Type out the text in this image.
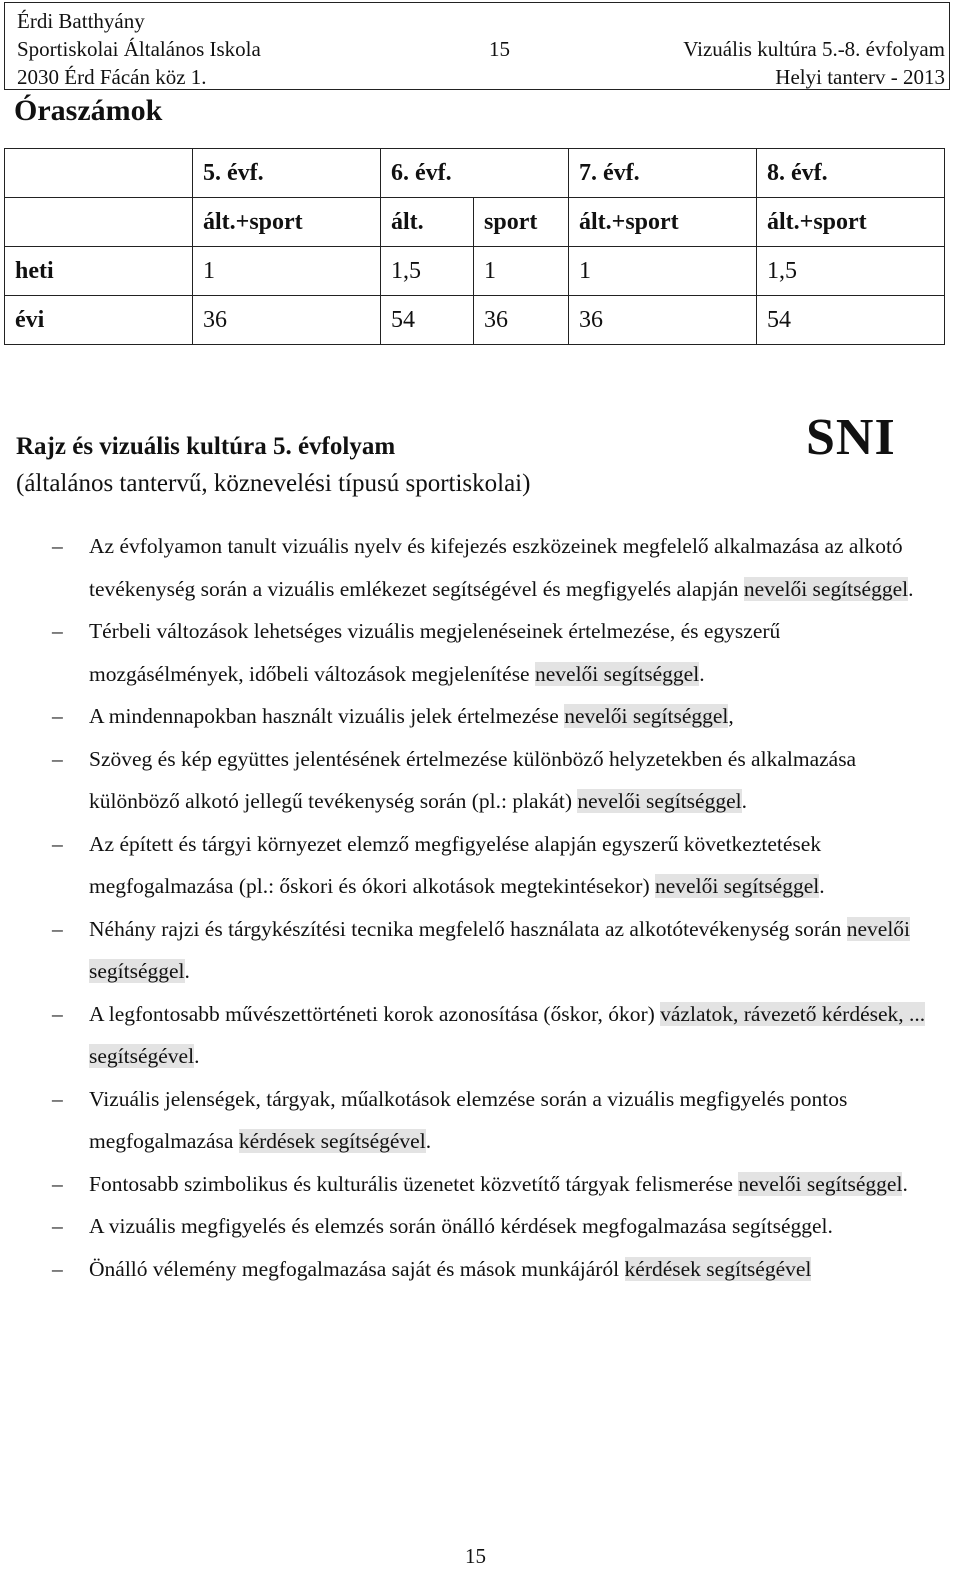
Érdi Batthyány
Sportiskolai Általános Iskola
2030 Érd Fácán köz 1.
15	Vizuális kultúra 5.-8. évfolyam
Helyi tanterv - 2013
Óraszámok
	5. évf.	6. évf.		7. évf.	8. évf.
	ált.+sport	ált.	sport	ált.+sport	ált.+sport
heti	1	1,5	1	1	1,5
évi	36	54	36	36	54
Rajz és vizuális kultúra 5. évfolyam
(általános tantervű, köznevelési típusú sportiskolai)
SNI
– Az évfolyamon tanult vizuális nyelv és kifejezés eszközeinek megfelelő alkalmazása az alkotó tevékenység során a vizuális emlékezet segítségével és megfigyelés alapján nevelői segítséggel.
– Térbeli változások lehetséges vizuális megjelenéseinek értelmezése, és egyszerű mozgásélmények, időbeli változások megjelenítése nevelői segítséggel.
– A mindennapokban használt vizuális jelek értelmezése nevelői segítséggel,
– Szöveg és kép együttes jelentésének értelmezése különböző helyzetekben és alkalmazása különböző alkotó jellegű tevékenység során (pl.: plakát) nevelői segítséggel.
– Az épített és tárgyi környezet elemző megfigyelése alapján egyszerű következtetések megfogalmazása (pl.: őskori és ókori alkotások megtekintésekor) nevelői segítséggel.
– Néhány rajzi és tárgykészítési tecnika megfelelő használata az alkotótevékenység során nevelői segítséggel.
– A legfontosabb művészettörténeti korok azonosítása (őskor, ókor) vázlatok, rávezető kérdések, ... segítségével.
– Vizuális jelenségek, tárgyak, műalkotások elemzése során a vizuális megfigyelés pontos megfogalmazása kérdések segítségével.
– Fontosabb szimbolikus és kulturális üzenetet közvetítő tárgyak felismerése nevelői segítséggel.
– A vizuális megfigyelés és elemzés során önálló kérdések megfogalmazása segítséggel.
– Önálló vélemény megfogalmazása saját és mások munkájáról kérdések segítségével
15
